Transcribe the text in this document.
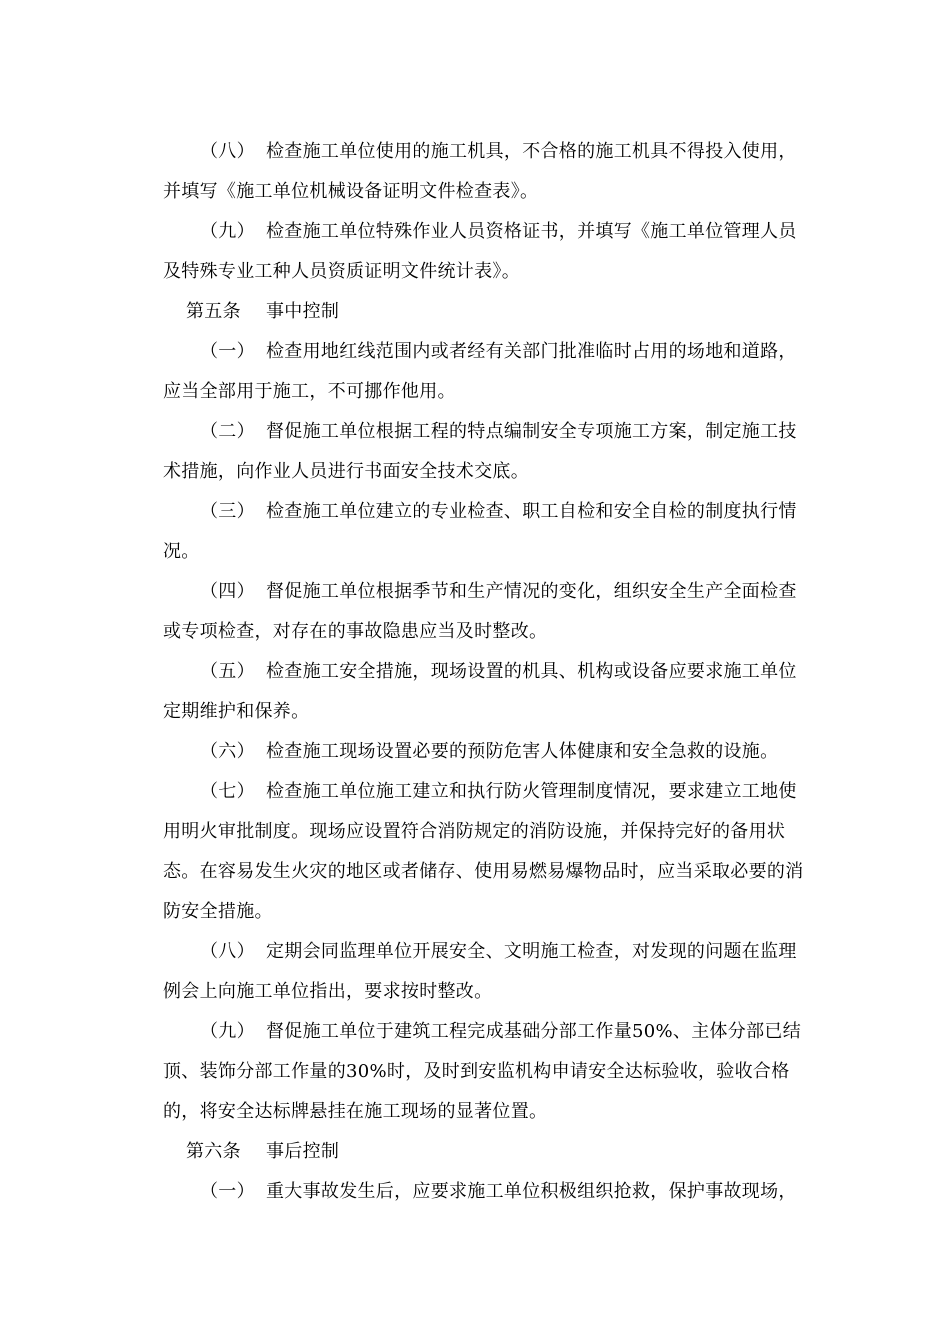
（八） 检查施工单位使用的施工机具，不合格的施工机具不得投入使用，并填写《施工单位机械设备证明文件检查表》。

（九） 检查施工单位特殊作业人员资格证书，并填写《施工单位管理人员及特殊专业工种人员资质证明文件统计表》。

第五条 事中控制

（一） 检查用地红线范围内或者经有关部门批准临时占用的场地和道路，应当全部用于施工，不可挪作他用。

（二） 督促施工单位根据工程的特点编制安全专项施工方案，制定施工技术措施，向作业人员进行书面安全技术交底。

（三） 检查施工单位建立的专业检查、职工自检和安全自检的制度执行情况。

（四） 督促施工单位根据季节和生产情况的变化，组织安全生产全面检查或专项检查，对存在的事故隐患应当及时整改。

（五） 检查施工安全措施，现场设置的机具、机构或设备应要求施工单位定期维护和保养。

（六） 检查施工现场设置必要的预防危害人体健康和安全急救的设施。

（七） 检查施工单位施工建立和执行防火管理制度情况，要求建立工地使用明火审批制度。现场应设置符合消防规定的消防设施，并保持完好的备用状态。在容易发生火灾的地区或者储存、使用易燃易爆物品时，应当采取必要的消防安全措施。

（八） 定期会同监理单位开展安全、文明施工检查，对发现的问题在监理例会上向施工单位指出，要求按时整改。

（九） 督促施工单位于建筑工程完成基础分部工作量50%、主体分部已结顶、装饰分部工作量的30%时，及时到安监机构申请安全达标验收，验收合格的，将安全达标牌悬挂在施工现场的显著位置。

第六条 事后控制

（一） 重大事故发生后，应要求施工单位积极组织抢救，保护事故现场，
